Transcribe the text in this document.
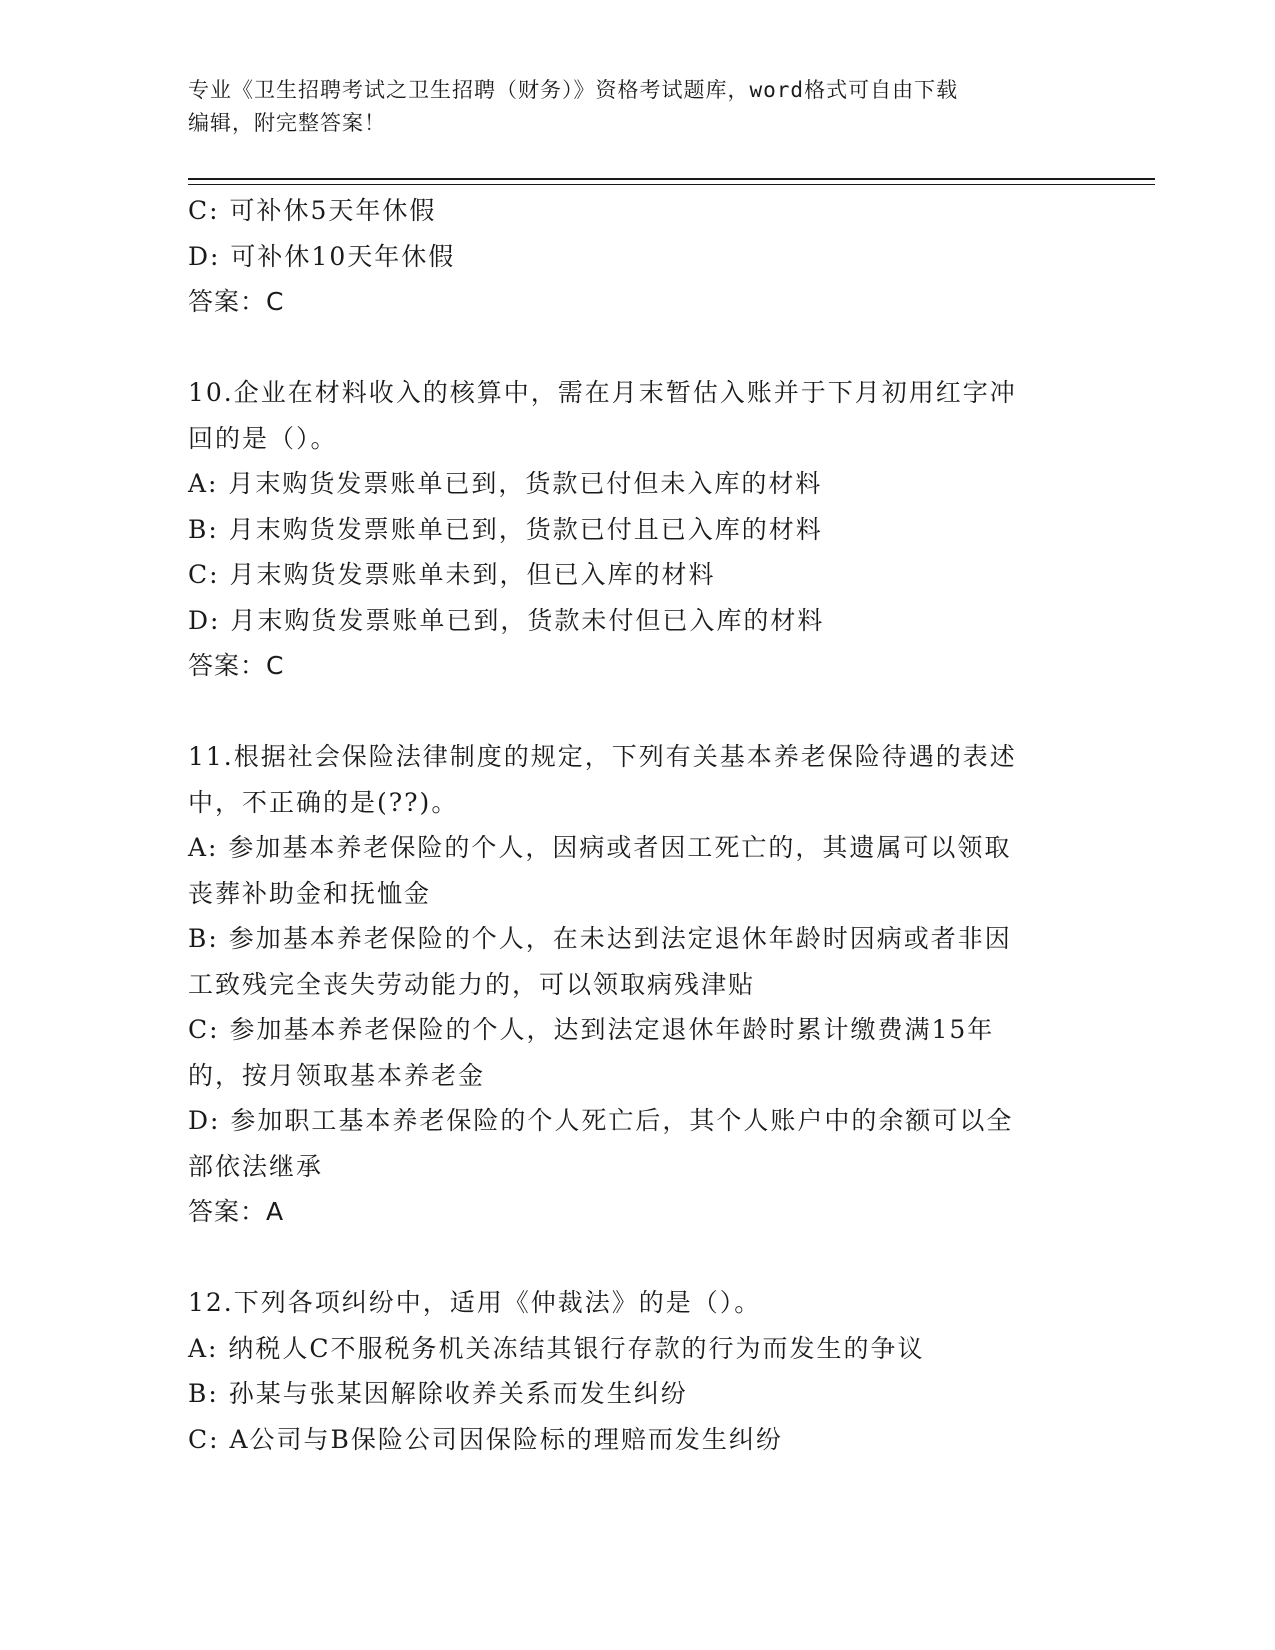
专业《卫生招聘考试之卫生招聘（财务）》资格考试题库，word格式可自由下载
编辑，附完整答案！
C: 可补休5天年休假
D: 可补休10天年休假
答案：C
10.企业在材料收入的核算中，需在月末暂估入账并于下月初用红字冲
回的是（）。
A: 月末购货发票账单已到，货款已付但未入库的材料
B: 月末购货发票账单已到，货款已付且已入库的材料
C: 月末购货发票账单未到，但已入库的材料
D: 月末购货发票账单已到，货款未付但已入库的材料
答案：C
11.根据社会保险法律制度的规定，下列有关基本养老保险待遇的表述
中，不正确的是(??)。
A: 参加基本养老保险的个人，因病或者因工死亡的，其遗属可以领取
丧葬补助金和抚恤金
B: 参加基本养老保险的个人，在未达到法定退休年龄时因病或者非因
工致残完全丧失劳动能力的，可以领取病残津贴
C: 参加基本养老保险的个人，达到法定退休年龄时累计缴费满15年
的，按月领取基本养老金
D: 参加职工基本养老保险的个人死亡后，其个人账户中的余额可以全
部依法继承
答案：A
12.下列各项纠纷中，适用《仲裁法》的是（）。
A: 纳税人C不服税务机关冻结其银行存款的行为而发生的争议
B: 孙某与张某因解除收养关系而发生纠纷
C: A公司与B保险公司因保险标的理赔而发生纠纷
